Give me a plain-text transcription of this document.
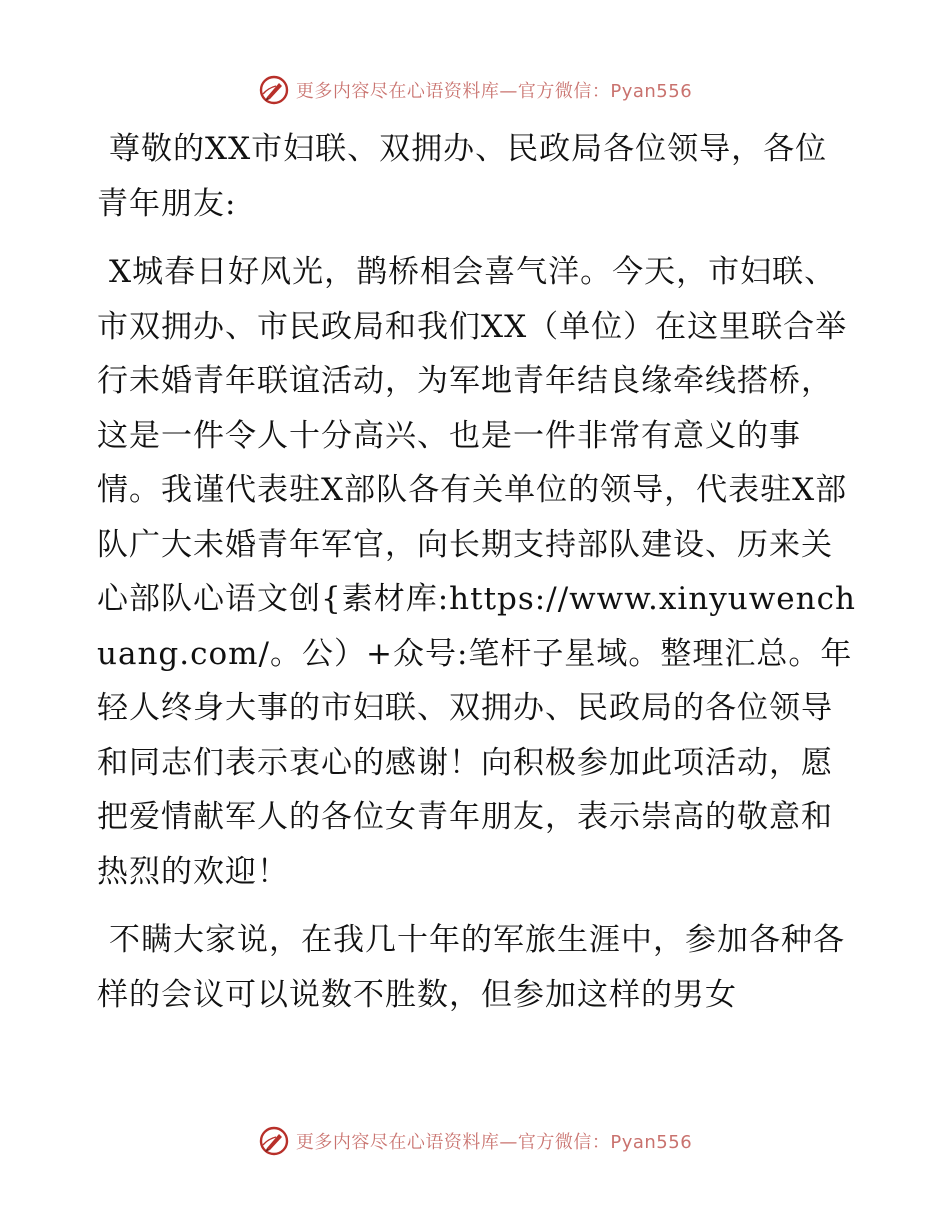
更多内容尽在心语资料库—官方微信：Pyan556

尊敬的XX市妇联、双拥办、民政局各位领导，各位青年朋友:

X城春日好风光，鹊桥相会喜气洋。今天，市妇联、市双拥办、市民政局和我们XX（单位）在这里联合举行未婚青年联谊活动，为军地青年结良缘牵线搭桥，这是一件令人十分高兴、也是一件非常有意义的事情。我谨代表驻X部队各有关单位的领导，代表驻X部队广大未婚青年军官，向长期支持部队建设、历来关心部队心语文创{素材库:https://www.xinyuwenchuang.com/。公）+众号:笔杆子星域。整理汇总。年轻人终身大事的市妇联、双拥办、民政局的各位领导和同志们表示衷心的感谢！向积极参加此项活动，愿把爱情献军人的各位女青年朋友，表示崇高的敬意和热烈的欢迎！

不瞒大家说，在我几十年的军旅生涯中，参加各种各样的会议可以说数不胜数，但参加这样的男女

更多内容尽在心语资料库—官方微信：Pyan556
